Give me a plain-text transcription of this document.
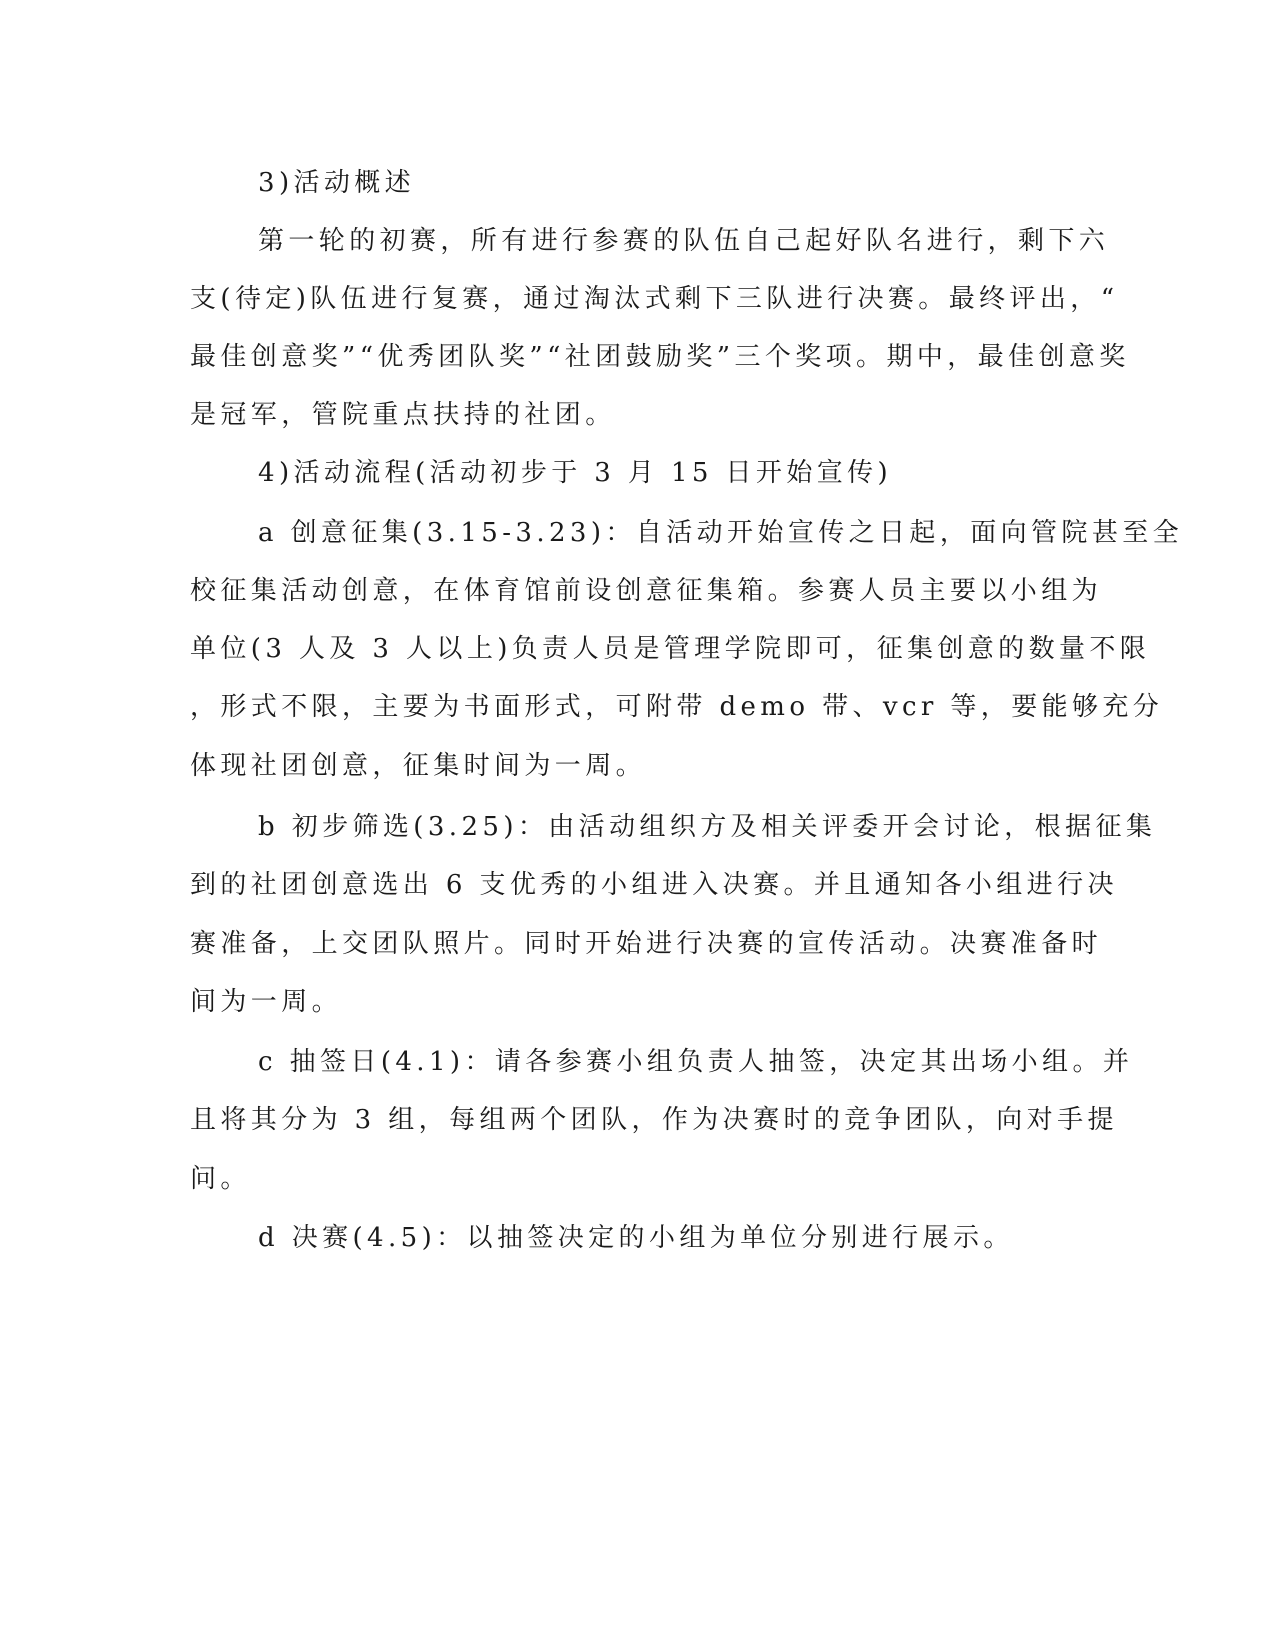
3)活动概述
第一轮的初赛，所有进行参赛的队伍自己起好队名进行，剩下六
支(待定)队伍进行复赛，通过淘汰式剩下三队进行决赛。最终评出，“
最佳创意奖”“优秀团队奖”“社团鼓励奖”三个奖项。期中，最佳创意奖
是冠军，管院重点扶持的社团。
4)活动流程(活动初步于 3 月 15 日开始宣传)
a 创意征集(3.15-3.23)：自活动开始宣传之日起，面向管院甚至全
校征集活动创意，在体育馆前设创意征集箱。参赛人员主要以小组为
单位(3 人及 3 人以上)负责人员是管理学院即可，征集创意的数量不限
，形式不限，主要为书面形式，可附带 demo 带、vcr 等，要能够充分
体现社团创意，征集时间为一周。
b 初步筛选(3.25)：由活动组织方及相关评委开会讨论，根据征集
到的社团创意选出 6 支优秀的小组进入决赛。并且通知各小组进行决
赛准备，上交团队照片。同时开始进行决赛的宣传活动。决赛准备时
间为一周。
c 抽签日(4.1)：请各参赛小组负责人抽签，决定其出场小组。并
且将其分为 3 组，每组两个团队，作为决赛时的竞争团队，向对手提
问。
d 决赛(4.5)：以抽签决定的小组为单位分别进行展示。
